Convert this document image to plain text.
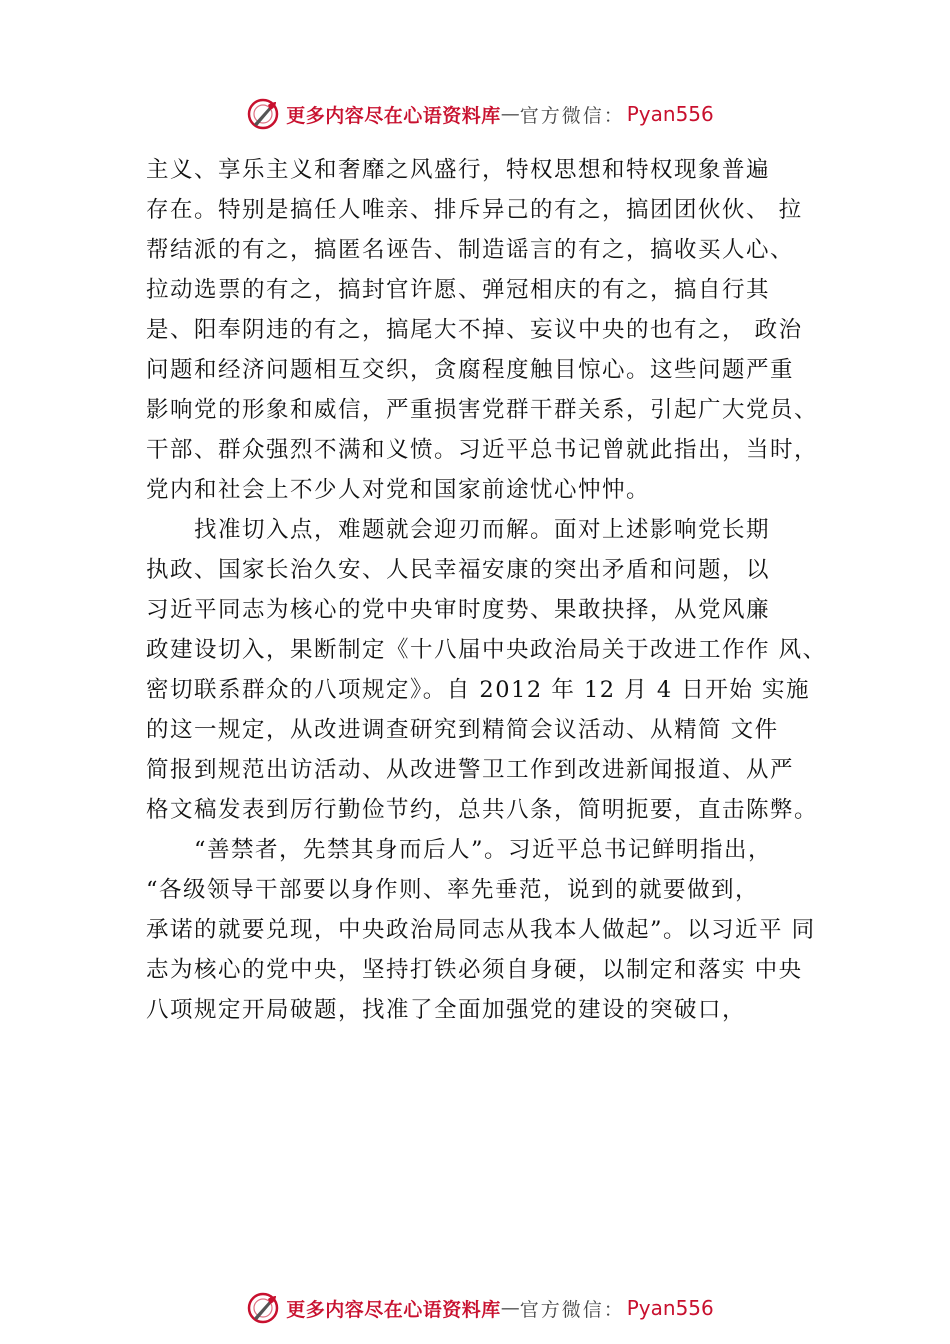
更多内容尽在心语资料库 — 官方微信： Pyan556
主义、享乐主义和奢靡之风盛行，特权思想和特权现象普遍
存在。特别是搞任人唯亲、排斥异己的有之，搞团团伙伙、 拉
帮结派的有之，搞匿名诬告、制造谣言的有之，搞收买人心、
拉动选票的有之，搞封官许愿、弹冠相庆的有之，搞自行其
是、阳奉阴违的有之，搞尾大不掉、妄议中央的也有之， 政治
问题和经济问题相互交织，贪腐程度触目惊心。这些问题严重
影响党的形象和威信，严重损害党群干群关系，引起广大党员、
干部、群众强烈不满和义愤。习近平总书记曾就此指出，当时，
党内和社会上不少人对党和国家前途忧心忡忡。
　　找准切入点，难题就会迎刃而解。面对上述影响党长期
执政、国家长治久安、人民幸福安康的突出矛盾和问题，以
习近平同志为核心的党中央审时度势、果敢抉择，从党风廉
政建设切入，果断制定《十八届中央政治局关于改进工作作 风、
密切联系群众的八项规定》。自 2012 年 12 月 4 日开始 实施
的这一规定，从改进调查研究到精简会议活动、从精简 文件
简报到规范出访活动、从改进警卫工作到改进新闻报道、从严
格文稿发表到厉行勤俭节约，总共八条，简明扼要，直击陈弊。
　　“善禁者，先禁其身而后人”。习近平总书记鲜明指出，
“各级领导干部要以身作则、率先垂范，说到的就要做到，
承诺的就要兑现，中央政治局同志从我本人做起”。以习近平 同
志为核心的党中央，坚持打铁必须自身硬，以制定和落实 中央
八项规定开局破题，找准了全面加强党的建设的突破口，
更多内容尽在心语资料库 — 官方微信： Pyan556
